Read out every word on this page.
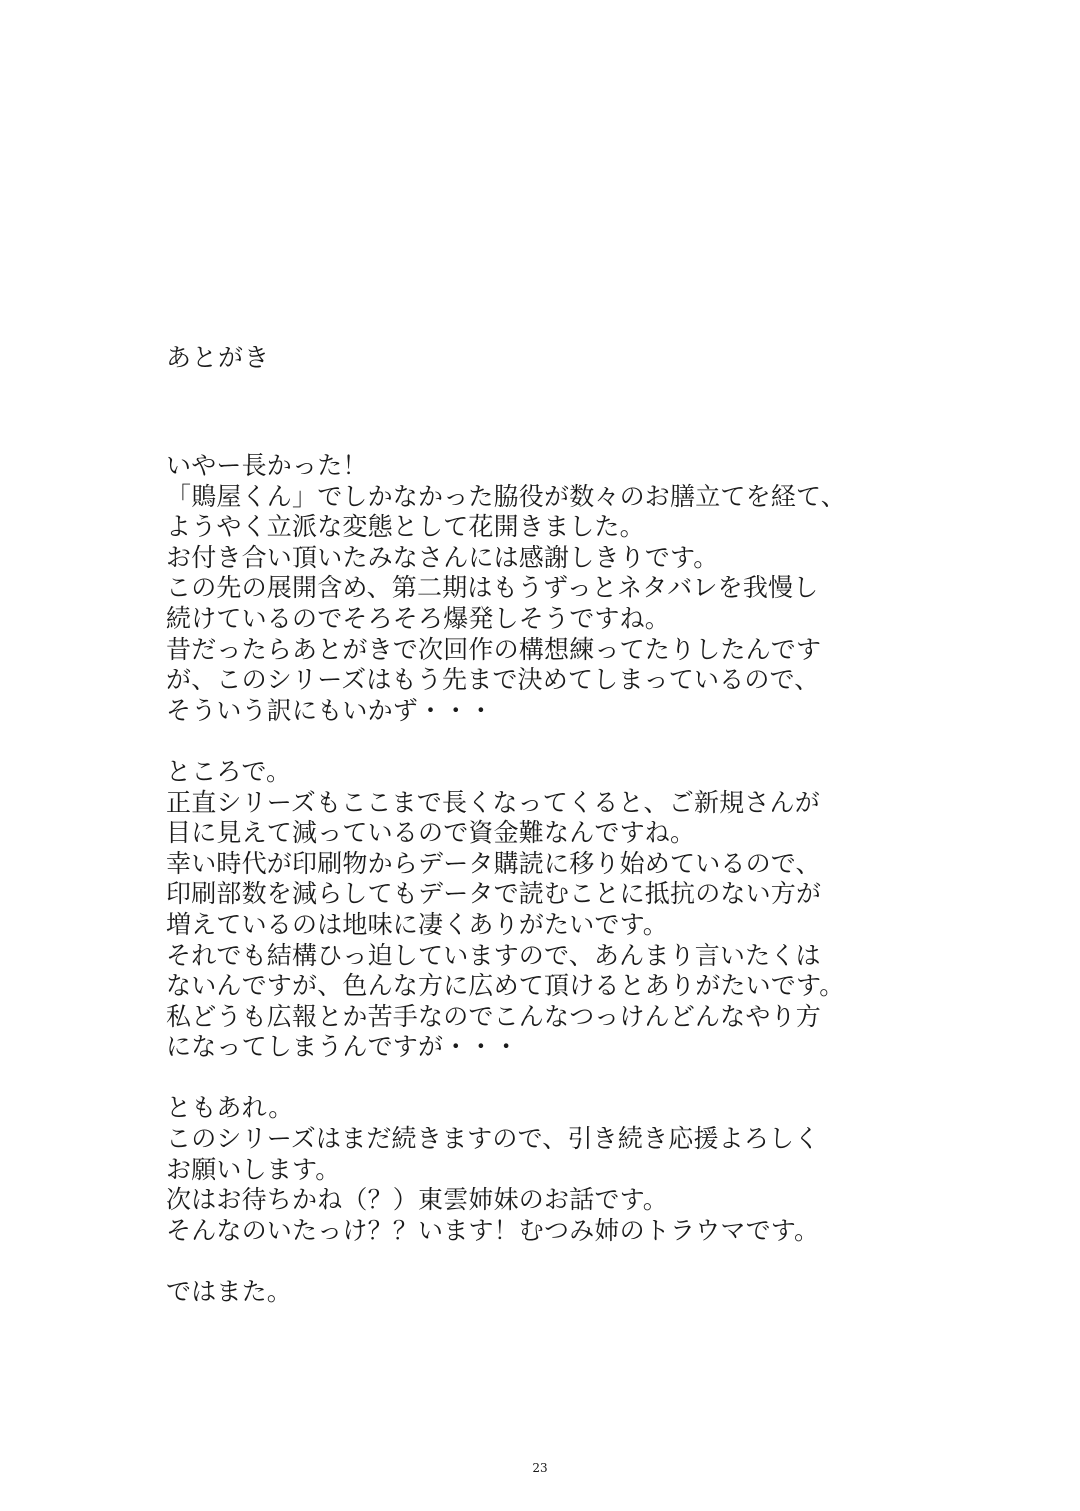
あとがき
いやー長かった！
「鵙屋くん」でしかなかった脇役が数々のお膳立てを経て、
ようやく立派な変態として花開きました。
お付き合い頂いたみなさんには感謝しきりです。
この先の展開含め、第二期はもうずっとネタバレを我慢し
続けているのでそろそろ爆発しそうですね。
昔だったらあとがきで次回作の構想練ってたりしたんです
が、このシリーズはもう先まで決めてしまっているので、
そういう訳にもいかず・・・
ところで。
正直シリーズもここまで長くなってくると、ご新規さんが
目に見えて減っているので資金難なんですね。
幸い時代が印刷物からデータ購読に移り始めているので、
印刷部数を減らしてもデータで読むことに抵抗のない方が
増えているのは地味に凄くありがたいです。
それでも結構ひっ迫していますので、あんまり言いたくは
ないんですが、色んな方に広めて頂けるとありがたいです。
私どうも広報とか苦手なのでこんなつっけんどんなやり方
になってしまうんですが・・・
ともあれ。
このシリーズはまだ続きますので、引き続き応援よろしく
お願いします。
次はお待ちかね（？）東雲姉妹のお話です。
そんなのいたっけ？？います！むつみ姉のトラウマです。
ではまた。
23
